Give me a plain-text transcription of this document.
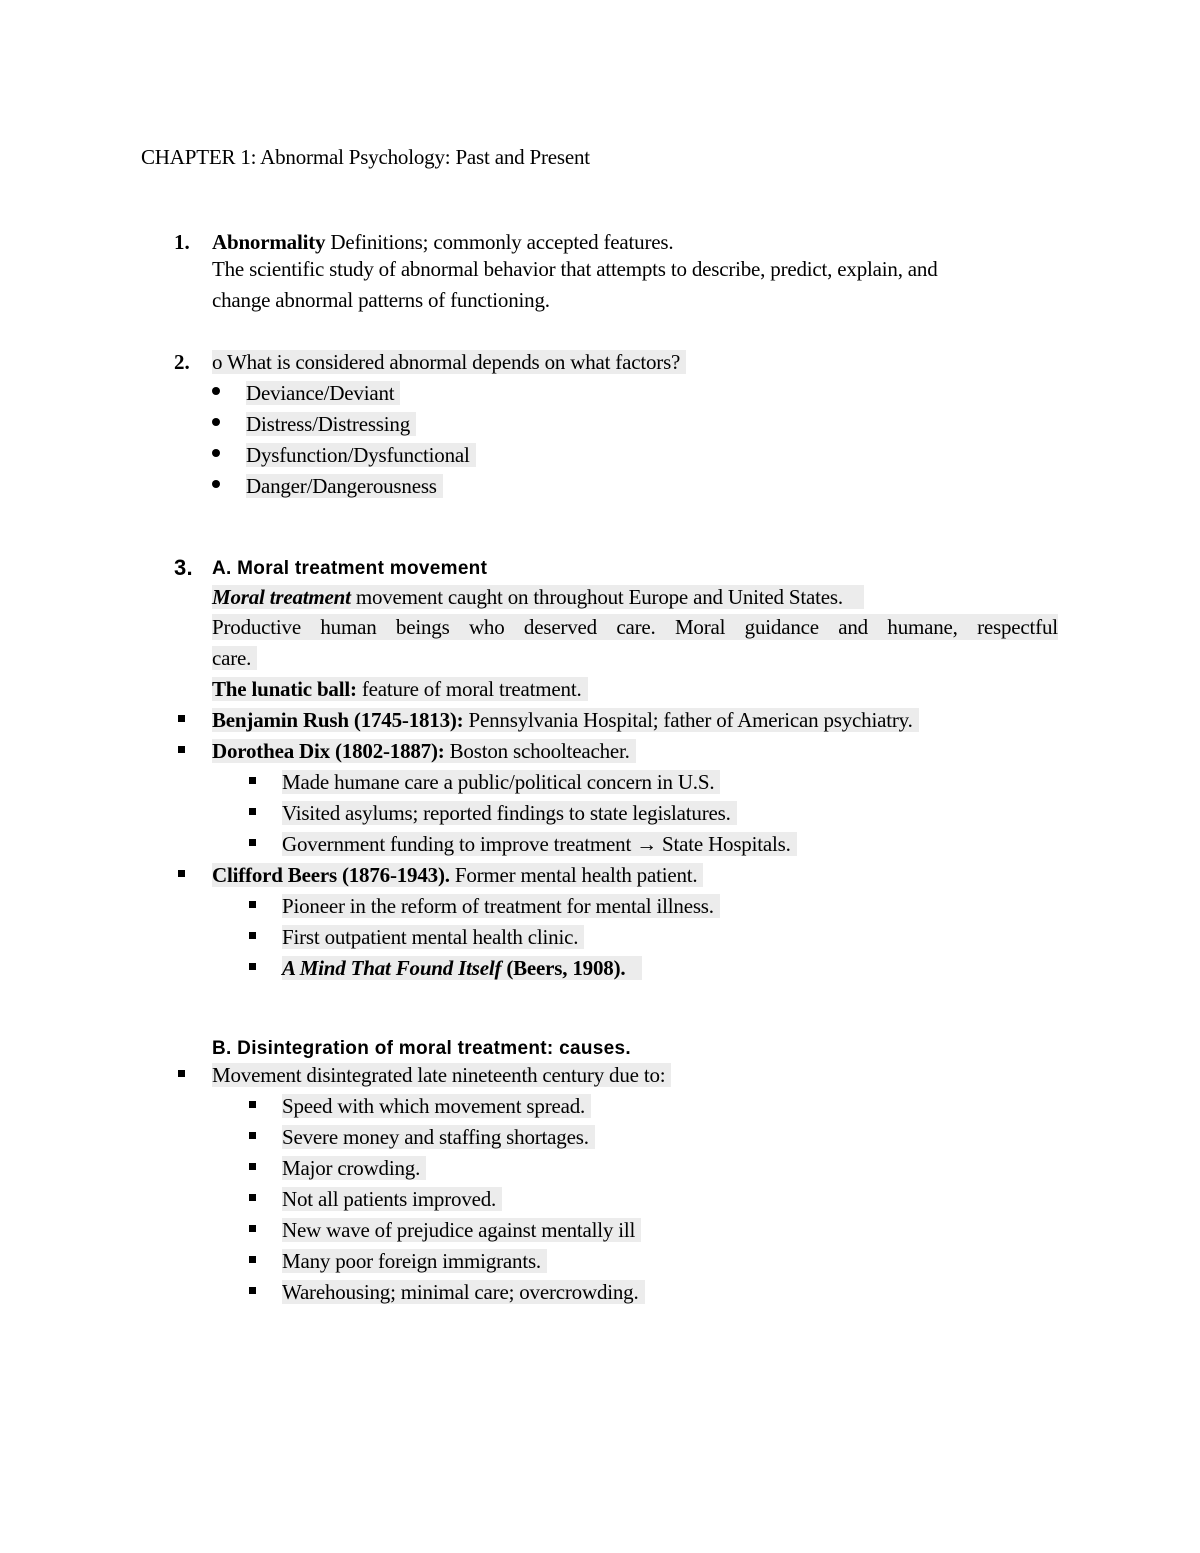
CHAPTER 1: Abnormal Psychology: Past and Present
1. Abnormality Definitions; commonly accepted features.
The scientific study of abnormal behavior that attempts to describe, predict, explain, and
change abnormal patterns of functioning.
2. o What is considered abnormal depends on what factors?
Deviance/Deviant
Distress/Distressing
Dysfunction/Dysfunctional
Danger/Dangerousness
3. A. Moral treatment movement
Moral treatment movement caught on throughout Europe and United States.
Productive human beings who deserved care. Moral guidance and humane, respectful
care.
The lunatic ball: feature of moral treatment.
Benjamin Rush (1745-1813): Pennsylvania Hospital; father of American psychiatry.
Dorothea Dix (1802-1887): Boston schoolteacher.
Made humane care a public/political concern in U.S.
Visited asylums; reported findings to state legislatures.
Government funding to improve treatment → State Hospitals.
Clifford Beers (1876-1943). Former mental health patient.
Pioneer in the reform of treatment for mental illness.
First outpatient mental health clinic.
A Mind That Found Itself (Beers, 1908).
B. Disintegration of moral treatment: causes.
Movement disintegrated late nineteenth century due to:
Speed with which movement spread.
Severe money and staffing shortages.
Major crowding.
Not all patients improved.
New wave of prejudice against mentally ill
Many poor foreign immigrants.
Warehousing; minimal care; overcrowding.
